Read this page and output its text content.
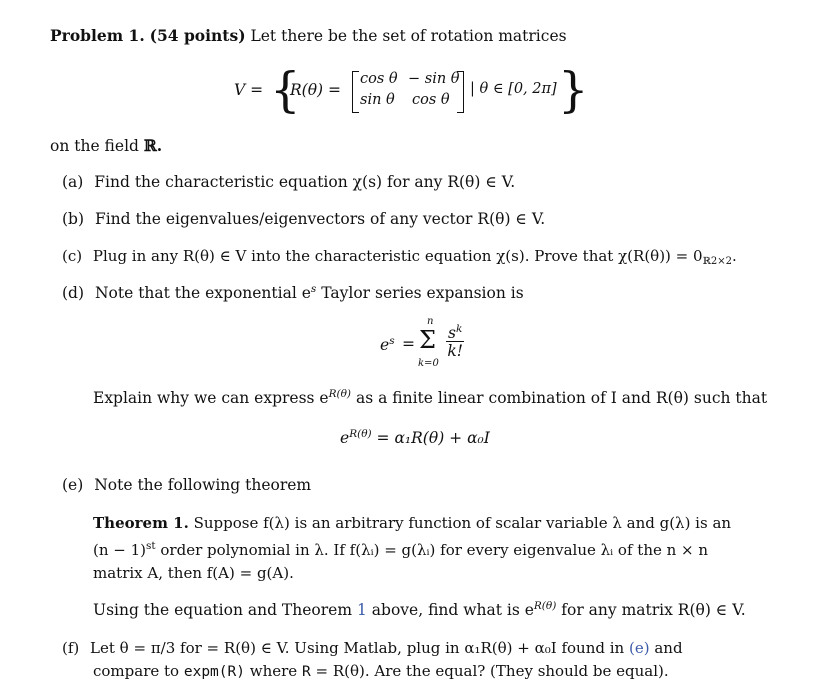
Problem 1. (54 points) Let there be the set of rotation matrices
V = {
R(θ) =
cos θ − sin θ
sin θ cos θ
| θ ∈ [0, 2π] }
on the field ℝ.
(a) Find the characteristic equation χ(s) for any R(θ) ∈ V.
(b) Find the eigenvalues/eigenvectors of any vector R(θ) ∈ V.
(c) Plug in any R(θ) ∈ V into the characteristic equation χ(s). Prove that $\chi(R(\theta)) = 0_{ℝ2\times 2}$.
(d) Note that the exponential $e^s$ Taylor series expansion is
$e^s$ =
n
Σ
k=0
$\frac{s^k}{k!}$
Explain why we can express $e^{R(\theta)}$ as a finite linear combination of I and R(θ) such that
$e^{R(\theta)} = \alpha_1R(\theta) + \alpha_0I$
(e) Note the following theorem
Theorem 1. Suppose f(λ) is an arbitrary function of scalar variable λ and g(λ) is an
$(n - 1)^{st}$ order polynomial in λ. If f(λᵢ) = g(λᵢ) for every eigenvalue λᵢ of the n × n
matrix A, then f(A) = g(A).
Using the equation and Theorem 1 above, find what is $e^{R(\theta)}$ for any matrix R(θ) ∈ V.
(f) Let θ = π/3 for = R(θ) ∈ V. Using Matlab, plug in α₁R(θ) + α₀I found in (e) and
compare to expm(R) where R = R(θ). Are the equal? (They should be equal).
